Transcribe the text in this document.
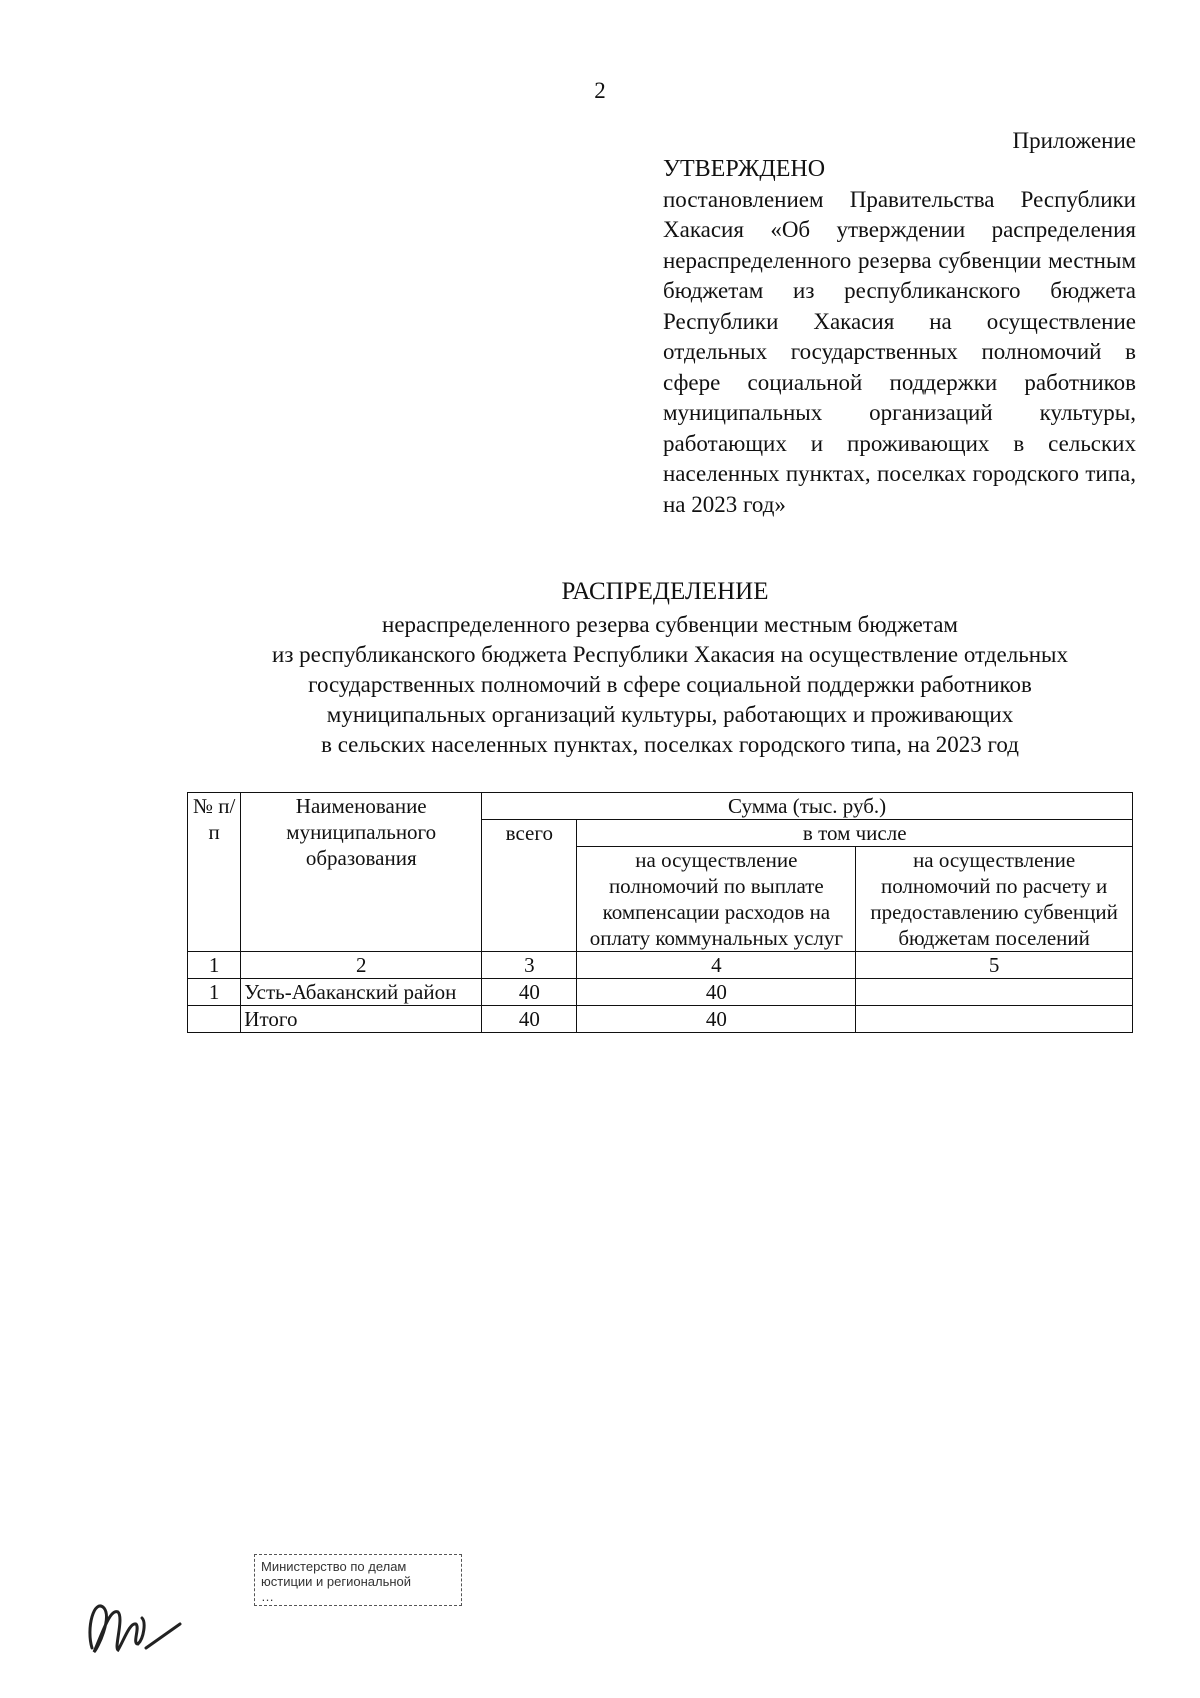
2
Приложение
УТВЕРЖДЕНО
постановлением Правительства Республики Хакасия «Об утверждении распределения нераспределенного резерва субвенции местным бюджетам из республиканского бюджета Республики Хакасия на осуществление отдельных государственных полномочий в сфере социальной поддержки работников муниципальных организаций культуры, работающих и проживающих в сельских населенных пунктах, поселках городского типа, на 2023 год»
РАСПРЕДЕЛЕНИЕ
нераспределенного резерва субвенции местным бюджетам
из республиканского бюджета Республики Хакасия на осуществление отдельных
государственных полномочий в сфере социальной поддержки работников
муниципальных организаций культуры, работающих и проживающих
в сельских населенных пунктах, поселках городского типа, на 2023 год
№ п/п	Наименование муниципального образования	Сумма (тыс. руб.)		
		всего	в том числе	
			на осуществление полномочий по выплате компенсации расходов на оплату коммунальных услуг	на осуществление полномочий по расчету и предоставлению субвенций бюджетам поселений
1	2	3	4	5
1	Усть-Абаканский район	40	40	
	Итого	40	40	
Министерство по делам
юстиции и региональной
…
